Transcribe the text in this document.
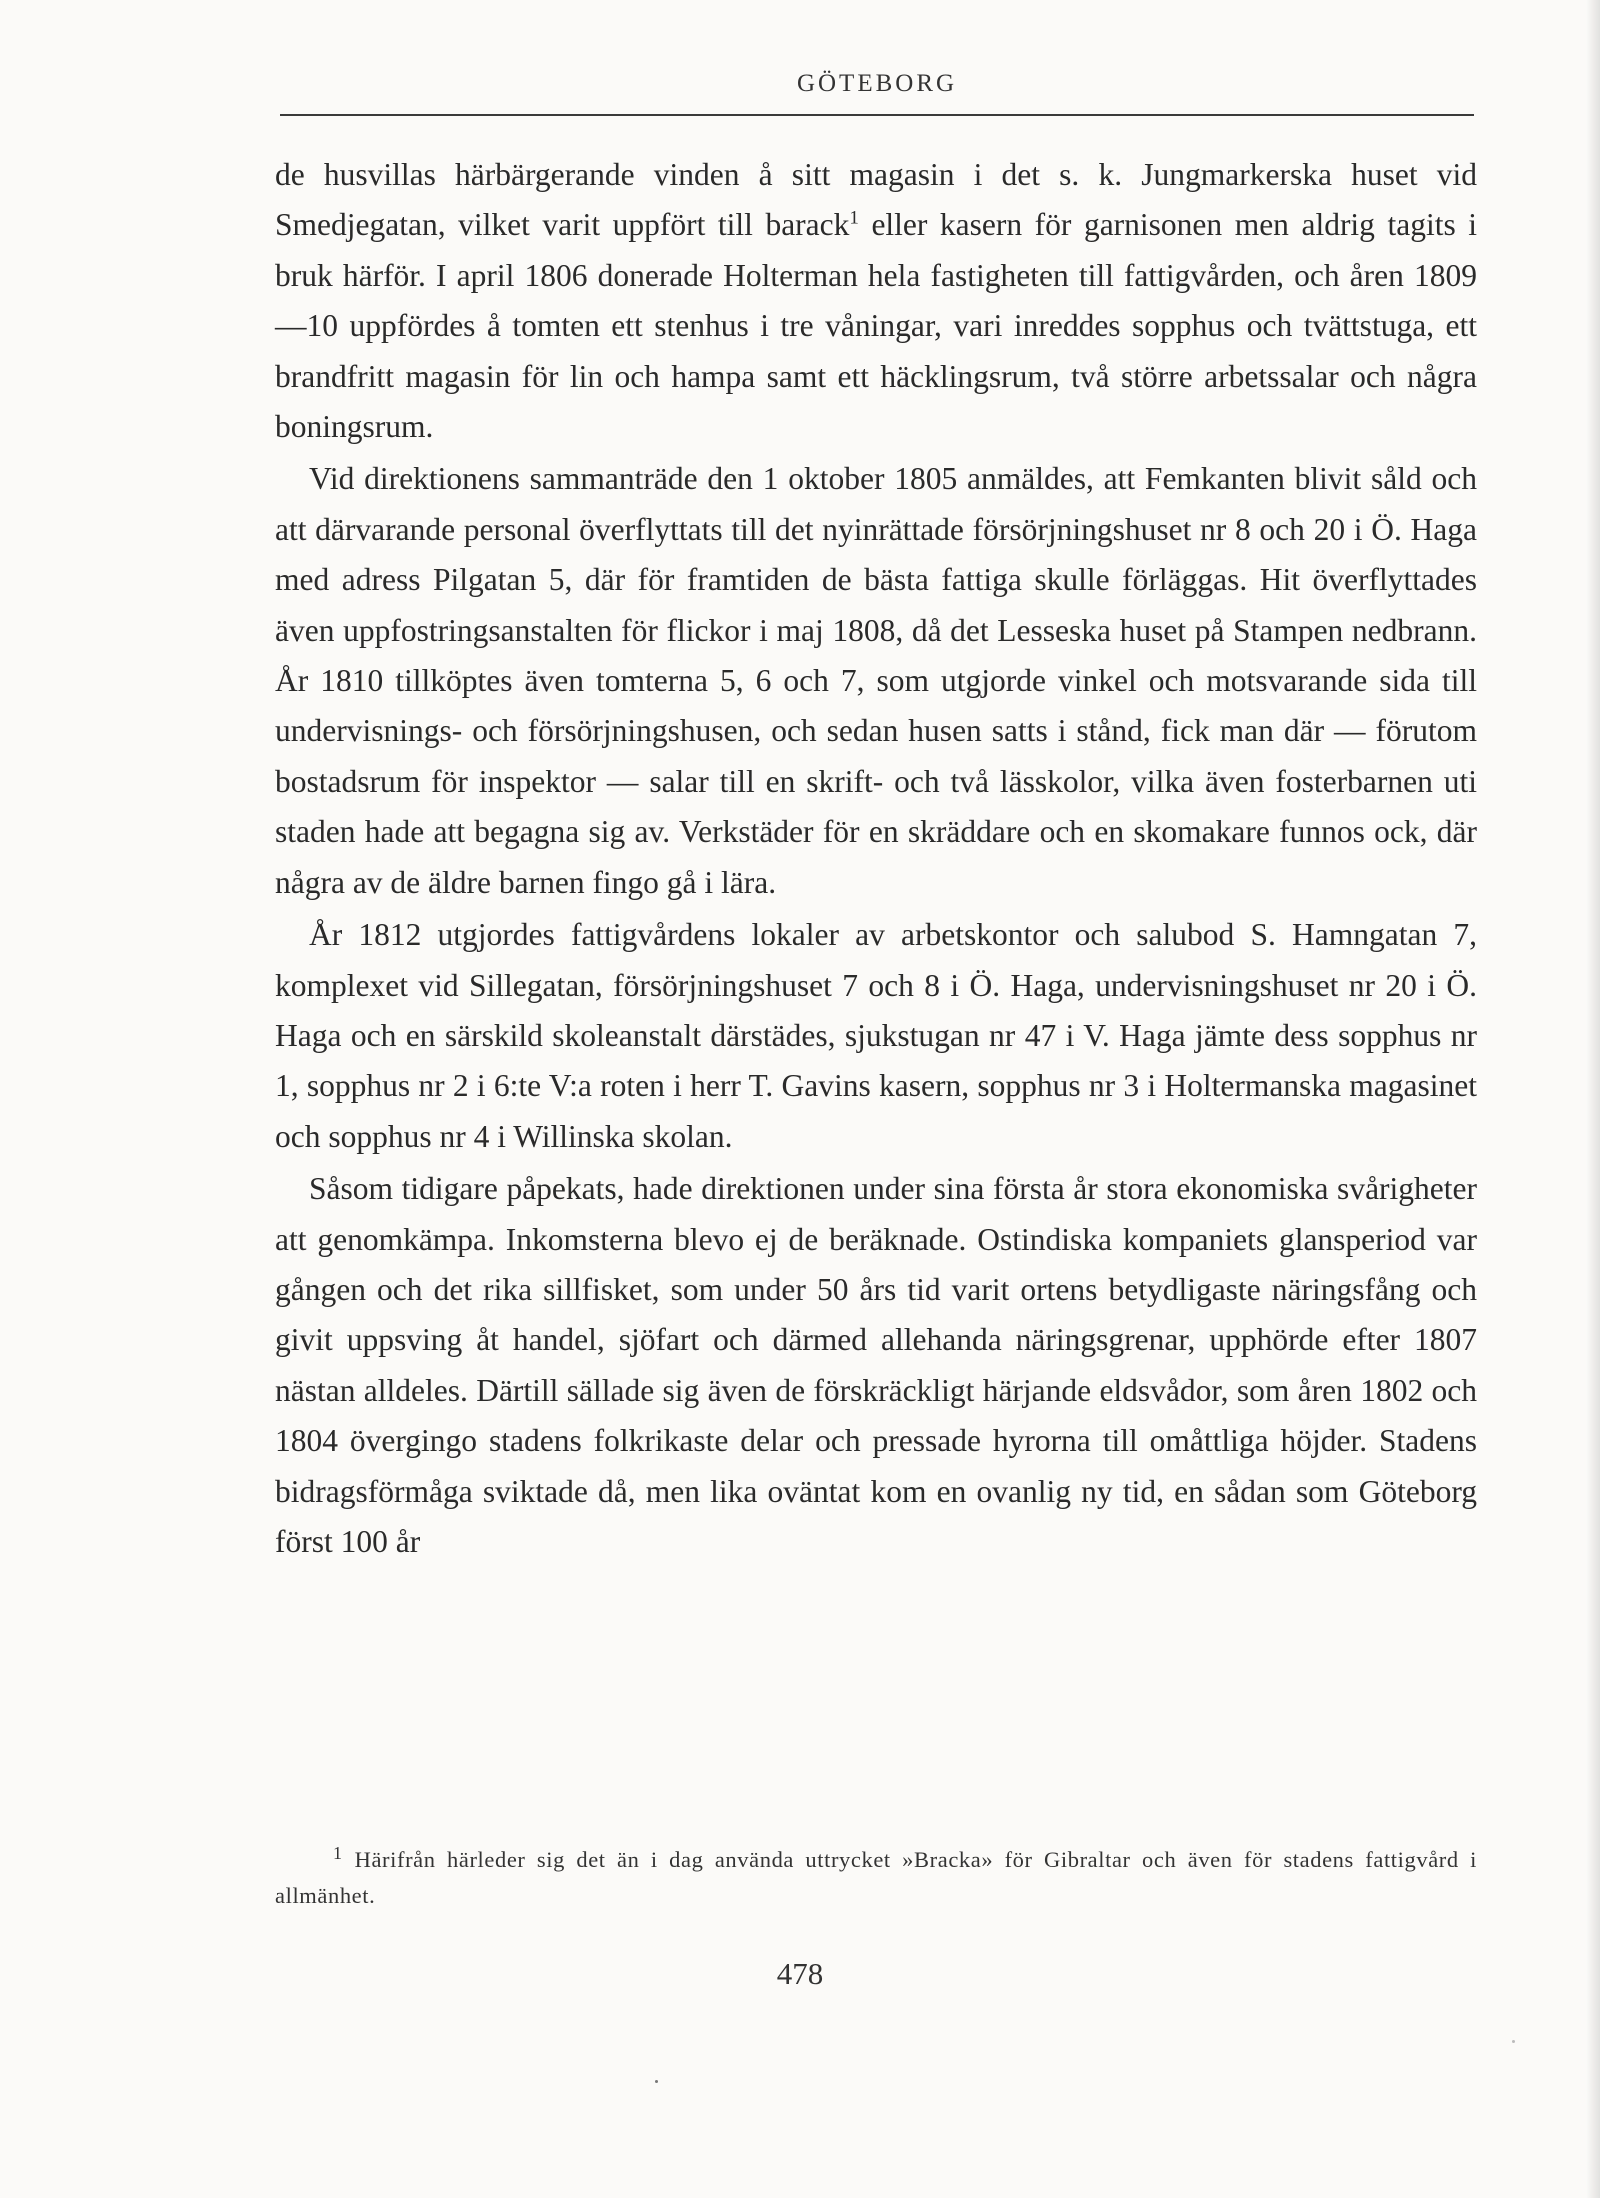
GÖTEBORG

de husvillas härbärgerande vinden å sitt magasin i det s. k. Jungmarkerska huset vid Smedjegatan, vilket varit uppfört till barack$^1$ eller kasern för garnisonen men aldrig tagits i bruk härför. I april 1806 donerade Holterman hela fastigheten till fattigvården, och åren 1809—10 uppfördes å tomten ett stenhus i tre våningar, vari inreddes sopphus och tvättstuga, ett brandfritt magasin för lin och hampa samt ett häcklingsrum, två större arbetssalar och några boningsrum.

Vid direktionens sammanträde den 1 oktober 1805 anmäldes, att Femkanten blivit såld och att därvarande personal överflyttats till det nyinrättade försörjningshuset nr 8 och 20 i Ö. Haga med adress Pilgatan 5, där för framtiden de bästa fattiga skulle förläggas. Hit överflyttades även uppfostringsanstalten för flickor i maj 1808, då det Lesseska huset på Stampen nedbrann. År 1810 tillköptes även tomterna 5, 6 och 7, som utgjorde vinkel och motsvarande sida till undervisnings- och försörjningshusen, och sedan husen satts i stånd, fick man där — förutom bostadsrum för inspektor — salar till en skrift- och två lässkolor, vilka även fosterbarnen uti staden hade att begagna sig av. Verkstäder för en skräddare och en skomakare funnos ock, där några av de äldre barnen fingo gå i lära.

År 1812 utgjordes fattigvårdens lokaler av arbetskontor och salubod S. Hamngatan 7, komplexet vid Sillegatan, försörjningshuset 7 och 8 i Ö. Haga, undervisningshuset nr 20 i Ö. Haga och en särskild skoleanstalt därstädes, sjukstugan nr 47 i V. Haga jämte dess sopphus nr 1, sopphus nr 2 i 6:te V:a roten i herr T. Gavins kasern, sopphus nr 3 i Holtermanska magasinet och sopphus nr 4 i Willinska skolan.

Såsom tidigare påpekats, hade direktionen under sina första år stora ekonomiska svårigheter att genomkämpa. Inkomsterna blevo ej de beräknade. Ostindiska kompaniets glansperiod var gången och det rika sillfisket, som under 50 års tid varit ortens betydligaste näringsfång och givit uppsving åt handel, sjöfart och därmed allehanda näringsgrenar, upphörde efter 1807 nästan alldeles. Därtill sällade sig även de förskräckligt härjande eldsvådor, som åren 1802 och 1804 övergingo stadens folkrikaste delar och pressade hyrorna till omåttliga höjder. Stadens bidragsförmåga sviktade då, men lika oväntat kom en ovanlig ny tid, en sådan som Göteborg först 100 år

1 Härifrån härleder sig det än i dag använda uttrycket »Bracka» för Gibraltar och även för stadens fattigvård i allmänhet.
478
